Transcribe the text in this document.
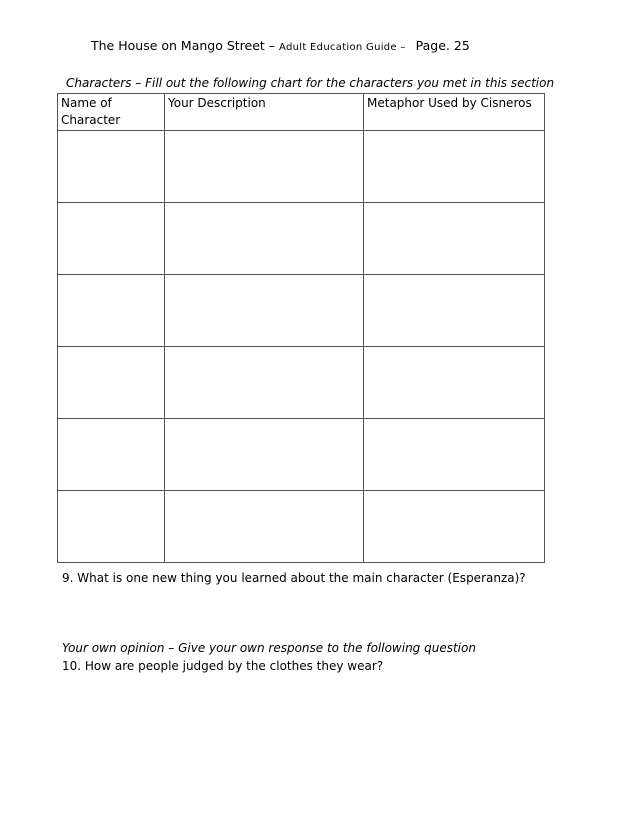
The House on Mango Street – Adult Education Guide – Page. 25
Characters – Fill out the following chart for the characters you met in this section
Name of Character	Your Description	Metaphor Used by Cisneros

9. What is one new thing you learned about the main character (Esperanza)?
Your own opinion – Give your own response to the following question
10. How are people judged by the clothes they wear?
